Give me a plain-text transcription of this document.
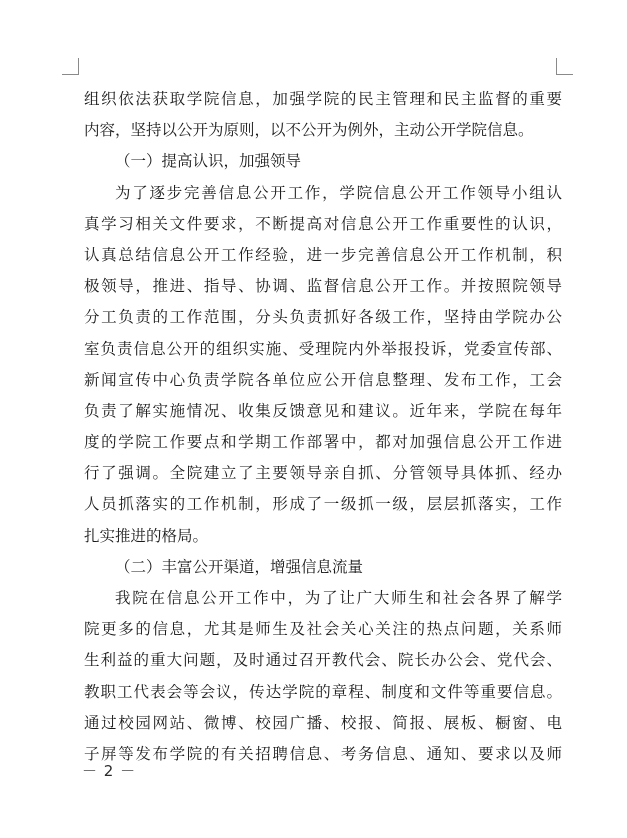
组织依法获取学院信息，加强学院的民主管理和民主监督的重要
内容，坚持以公开为原则，以不公开为例外，主动公开学院信息。
（一）提高认识，加强领导
为了逐步完善信息公开工作，学院信息公开工作领导小组认
真学习相关文件要求，不断提高对信息公开工作重要性的认识，
认真总结信息公开工作经验，进一步完善信息公开工作机制，积
极领导，推进、指导、协调、监督信息公开工作。并按照院领导
分工负责的工作范围，分头负责抓好各级工作，坚持由学院办公
室负责信息公开的组织实施、受理院内外举报投诉，党委宣传部、
新闻宣传中心负责学院各单位应公开信息整理、发布工作，工会
负责了解实施情况、收集反馈意见和建议。近年来，学院在每年
度的学院工作要点和学期工作部署中，都对加强信息公开工作进
行了强调。全院建立了主要领导亲自抓、分管领导具体抓、经办
人员抓落实的工作机制，形成了一级抓一级，层层抓落实，工作
扎实推进的格局。
（二）丰富公开渠道，增强信息流量
我院在信息公开工作中，为了让广大师生和社会各界了解学
院更多的信息，尤其是师生及社会关心关注的热点问题，关系师
生利益的重大问题，及时通过召开教代会、院长办公会、党代会、
教职工代表会等会议，传达学院的章程、制度和文件等重要信息。
通过校园网站、微博、校园广播、校报、简报、展板、橱窗、电
子屏等发布学院的有关招聘信息、考务信息、通知、要求以及师
－ 2 －
